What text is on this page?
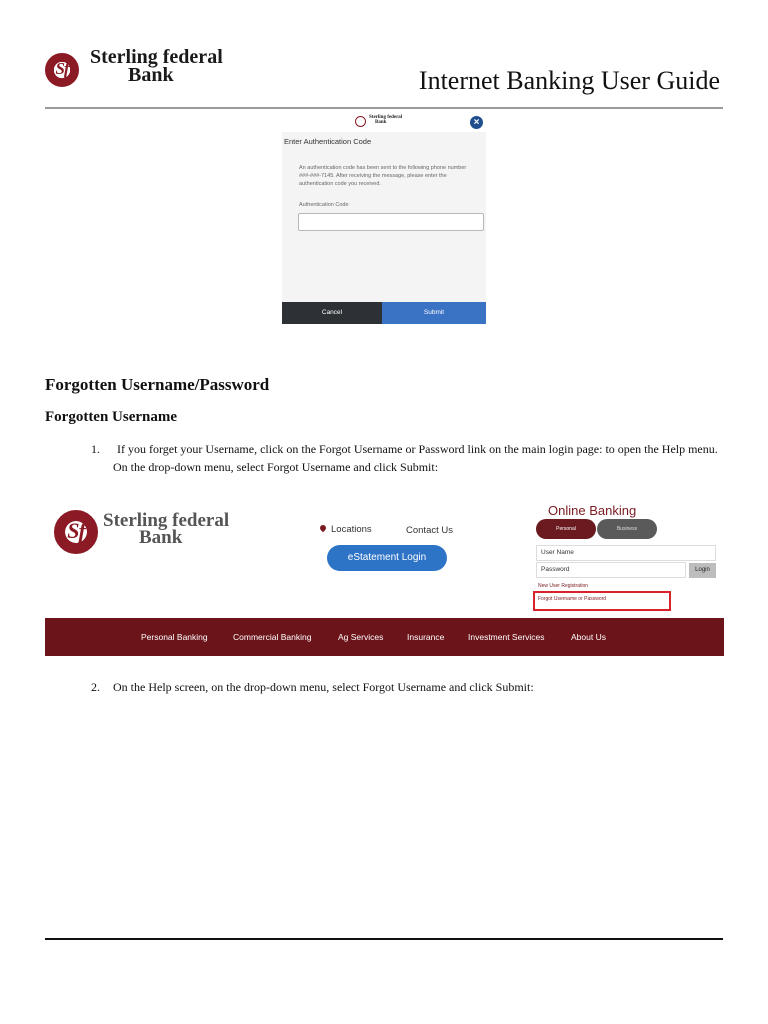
Sf
Sterling federal
Bank	Internet Banking User Guide
Sterling federal
Bank	×
Enter Authentication Code
An authentication code has been sent to the following phone number ###-###-7145. After receiving the message, please enter the authentication code you received.
Authentication Code
Cancel	Submit
Forgotten Username/Password
Forgotten Username
1.	If you forget your Username, click on the Forgot Username or Password link on the main login page: to open the Help menu. On the drop-down menu, select Forgot Username and click Submit:
Sf Sterling federal
Bank	Locations	Contact Us
eStatement Login
Online Banking
Personal	Business
User Name
Password	Login
New User Registration
Forgot Username or Password
Personal Banking	Commercial Banking	Ag Services	Insurance	Investment Services	About Us
2. On the Help screen, on the drop-down menu, select Forgot Username and click Submit:
